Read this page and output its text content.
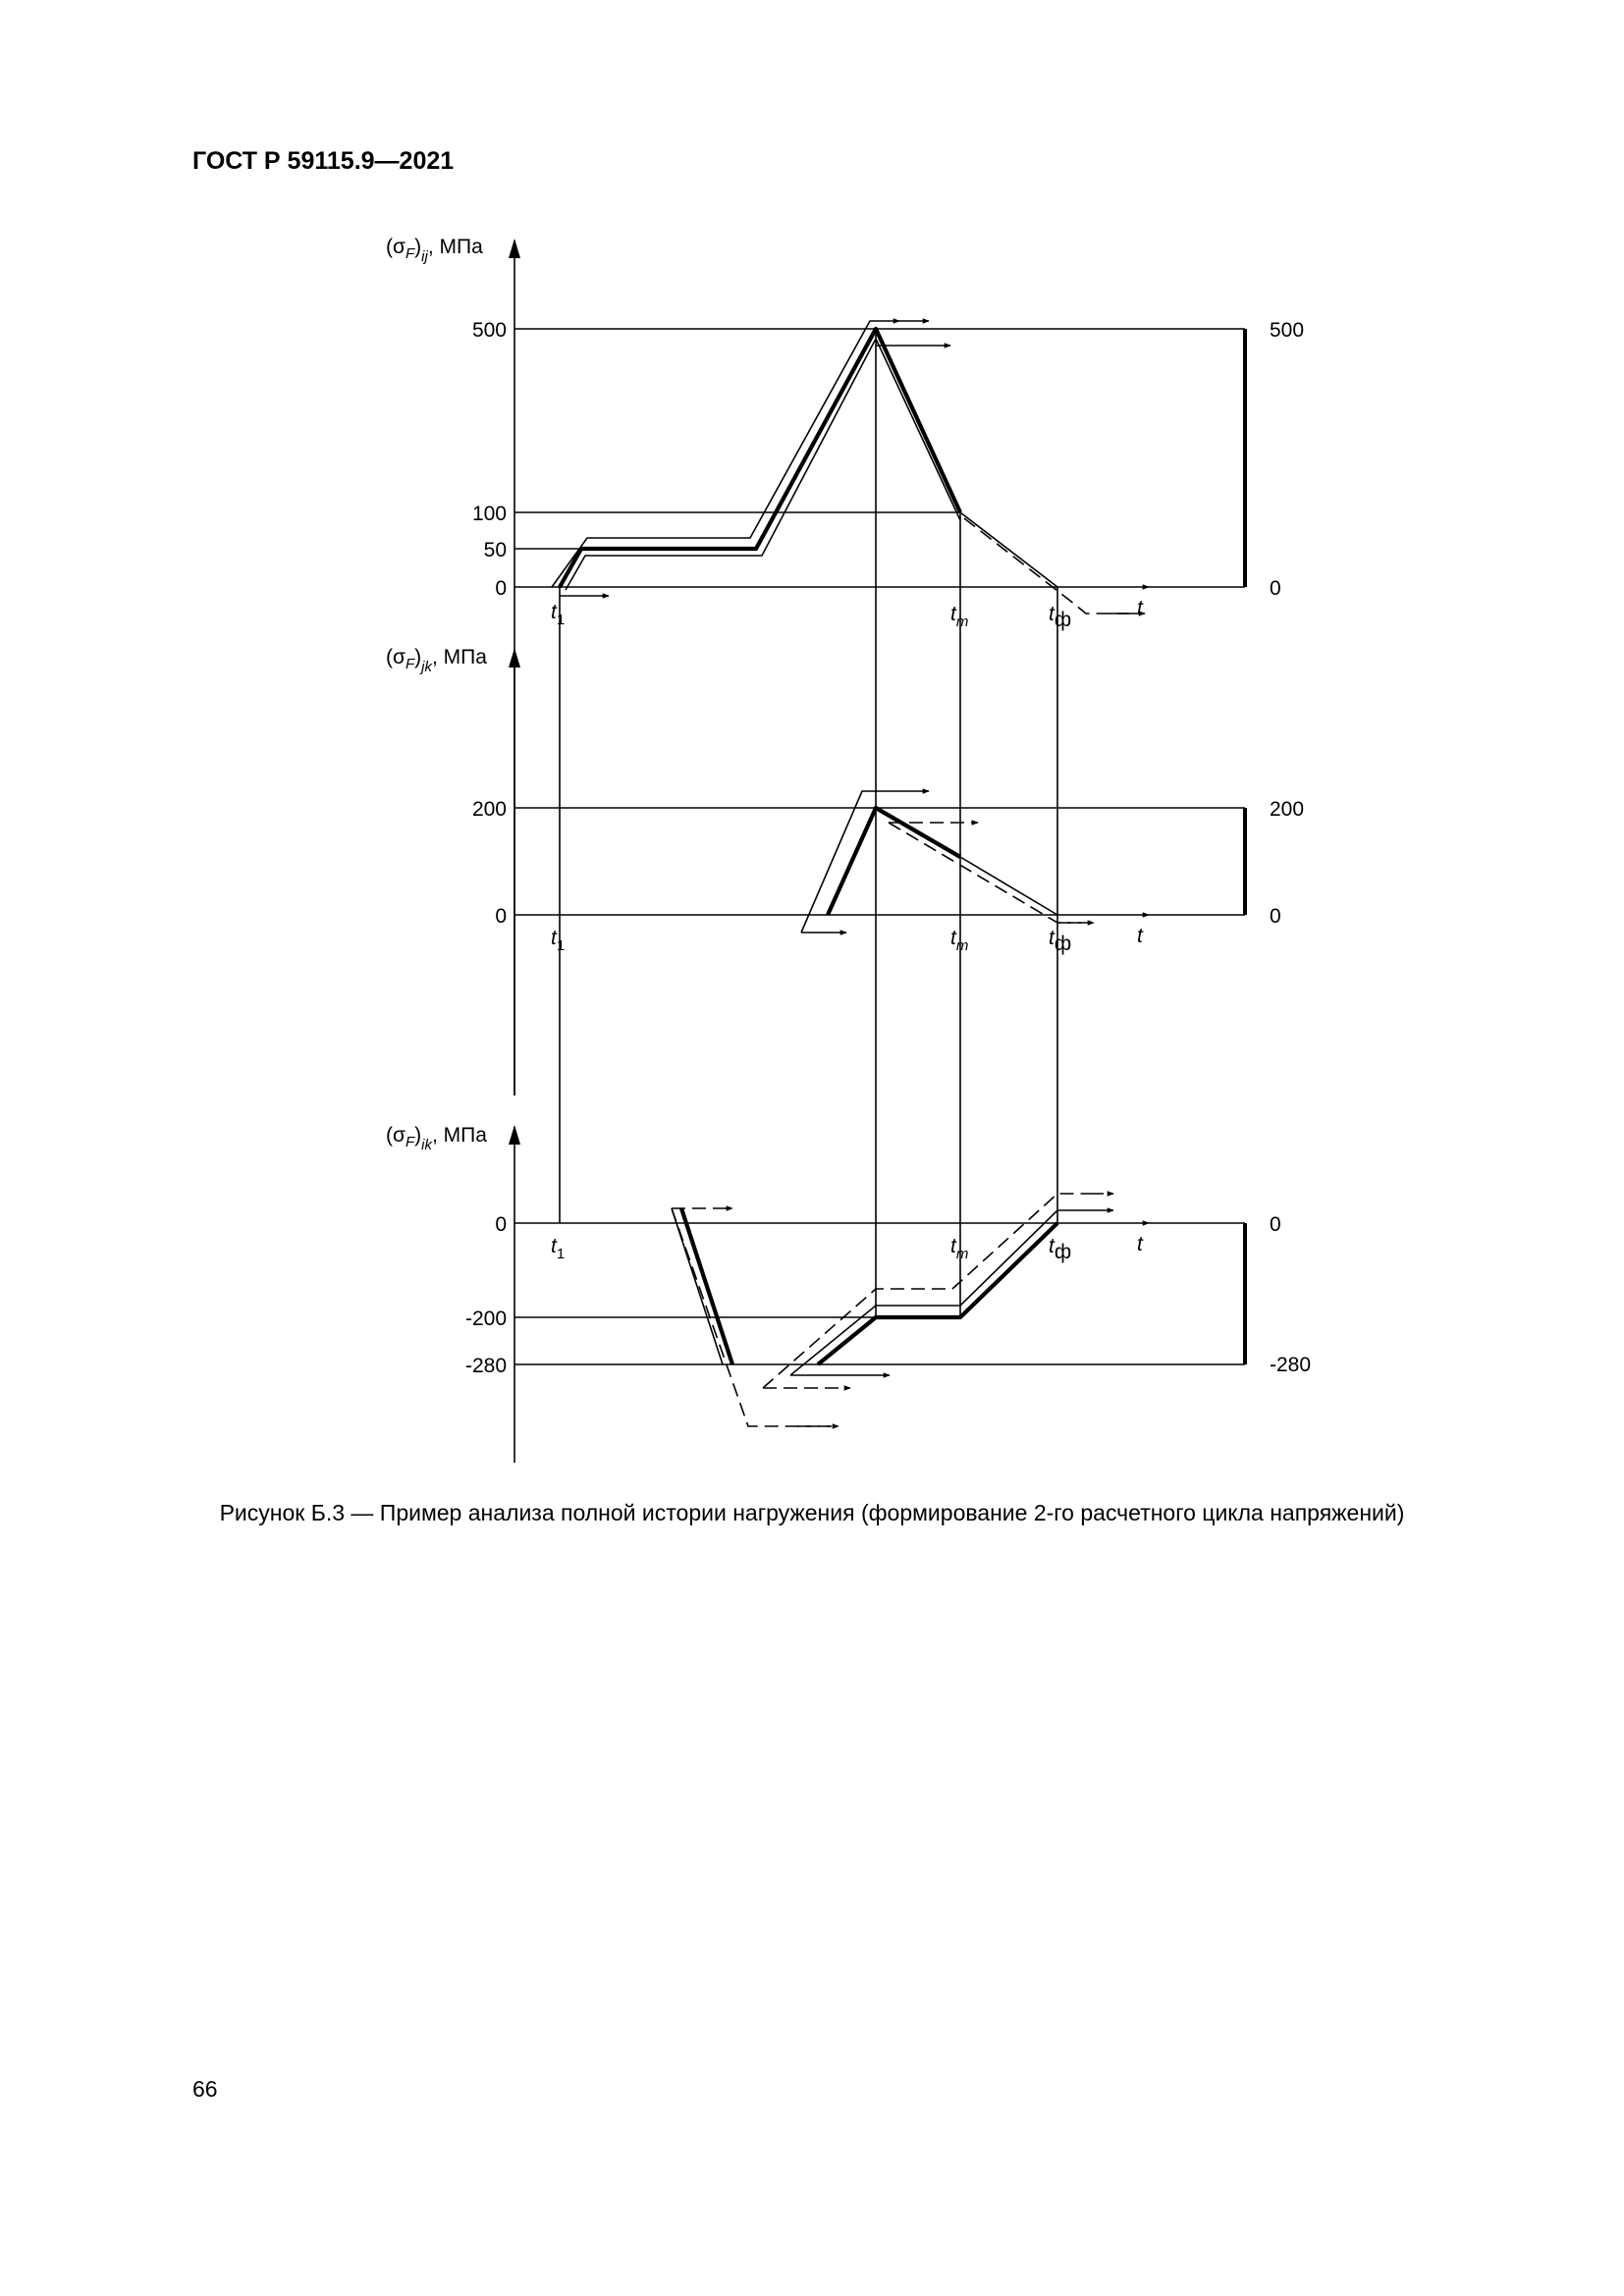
ГОСТ Р 59115.9—2021
$(\sigma_F)_{ij}$, МПа
500
100
50
0
$t_1$	$t_m$	tф
t
500
0
$(\sigma_F)_{jk}$, МПа
200
0
$t_1$	$t_m$	tф	t
200
0
$(\sigma_F)_{ik}$, МПа
0
-200
-280
$t_1$	$t_m$	tф	t
0
-280
Рисунок Б.3 — Пример анализа полной истории нагружения (формирование 2-го расчетного цикла напряжений)
66
